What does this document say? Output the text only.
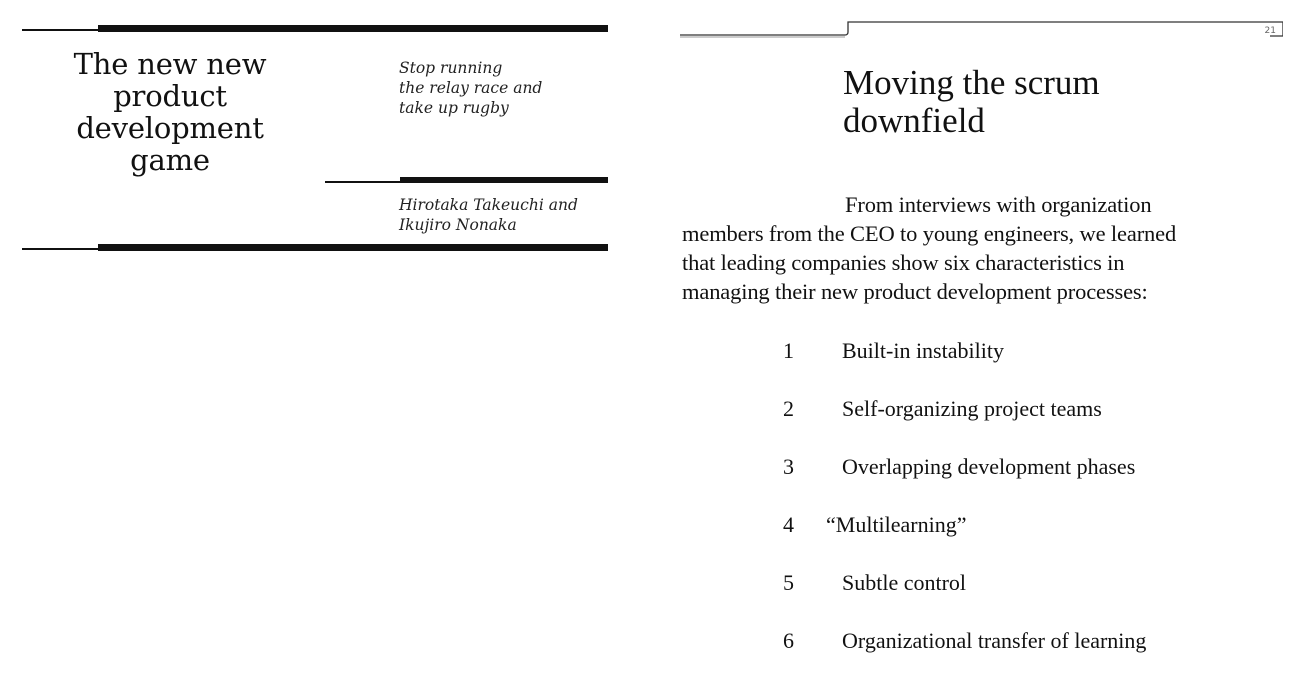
The new new
product development
game
Stop running
the relay race and
take up rugby
Hirotaka Takeuchi and
Ikujiro Nonaka
21
Moving the scrum
downfield
From interviews with organization
members from the CEO to young engineers, we learned
that leading companies show six characteristics in
managing their new product development processes:
1 Built-in instability
2 Self-organizing project teams
3 Overlapping development phases
4 “Multilearning”
5 Subtle control
6 Organizational transfer of learning
